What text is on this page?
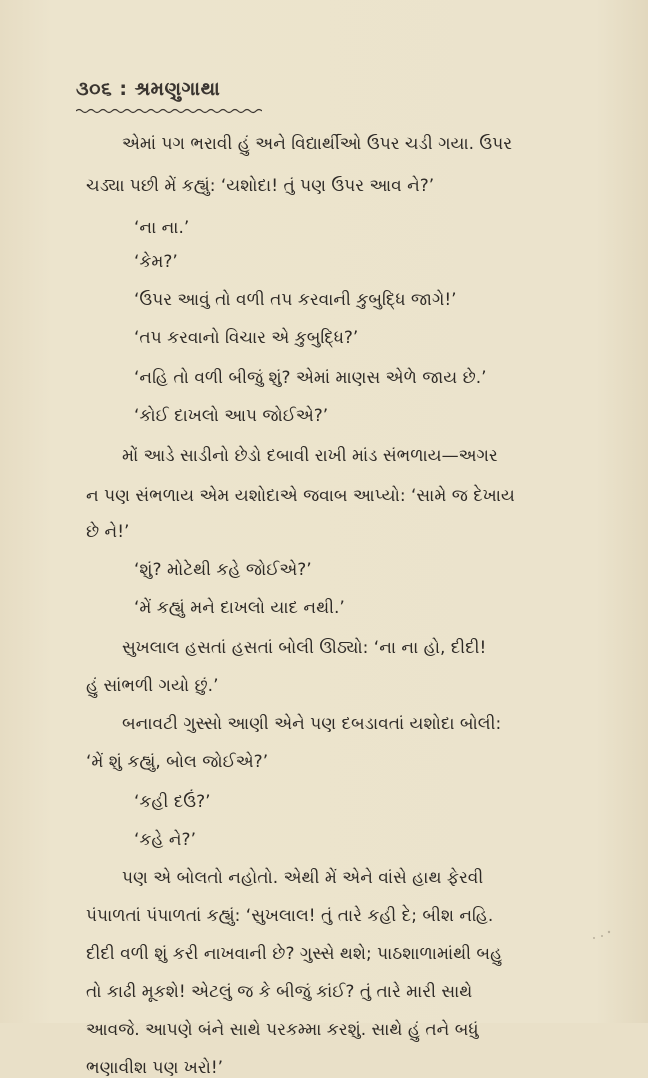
૩૦૬ : શ્રમણુગાથા
એમાં પગ ભરાવી હું અને વિદ્યાર્થીઓ ઉપર ચડી ગયા. ઉપર
ચડ્યા પછી મેં કહ્યું: ‘યશોદા! તું પણ ઉપર આવ ને?’
‘ના ના.’
‘કેમ?’
‘ઉપર આવું તો વળી તપ કરવાની કુબુદ્ધિ જાગે!’
‘તપ કરવાનો વિચાર એ કુબુદ્ધિ?’
‘નહિ તો વળી બીજું શું? એમાં માણસ એળે જાય છે.’
‘કોઈ દાખલો આપ જોઈએ?’
મોં આડે સાડીનો છેડો દબાવી રાખી માંડ સંભળાય—અગર
ન પણ સંભળાય એમ યશોદાએ જવાબ આપ્યો: ‘સામે જ દેખાય
છે ને!’
‘શું? મોટેથી કહે જોઈએ?’
‘મેં કહ્યું મને દાખલો યાદ નથી.’
સુખલાલ હસતાં હસતાં બોલી ઊઠ્યો: ‘ના ના હો, દીદી!
હું સાંભળી ગયો છું.’
બનાવટી ગુસ્સો આણી એને પણ દબડાવતાં યશોદા બોલી:
‘મેં શું કહ્યું, બોલ જોઈએ?’
‘કહી દઉં?’
‘કહે ને?’
પણ એ બોલતો નહોતો. એથી મેં એને વાંસે હાથ ફેરવી
પંપાળતાં પંપાળતાં કહ્યું: ‘સુખલાલ! તું તારે કહી દે; બીશ નહિ.
દીદી વળી શું કરી નાખવાની છે? ગુસ્સે થશે; પાઠશાળામાંથી બહુ
તો કાઢી મૂકશે! એટલું જ કે બીજું કાંઈ? તું તારે મારી સાથે
આવજે. આપણે બંને સાથે પરકમ્મા કરશું. સાથે હું તને બધું
ભણાવીશ પણ ખરો!’
